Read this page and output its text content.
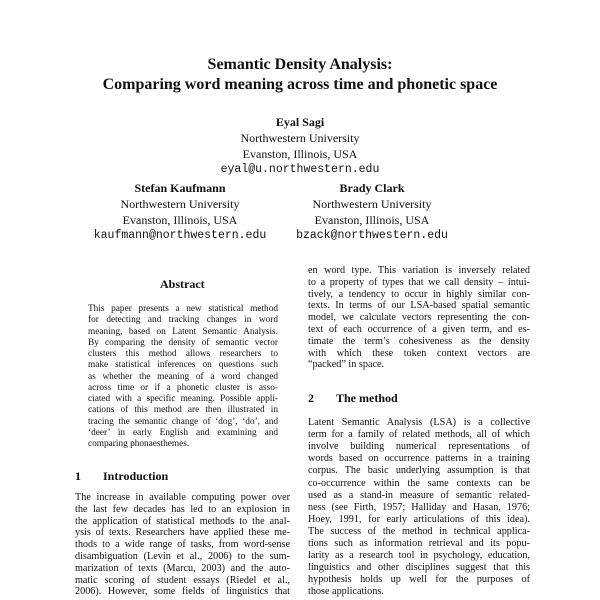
Semantic Density Analysis:
Comparing word meaning across time and phonetic space
Eyal Sagi
Northwestern University
Evanston, Illinois, USA
eyal@u.northwestern.edu
Stefan Kaufmann
Northwestern University
Evanston, Illinois, USA
kaufmann@northwestern.edu
Brady Clark
Northwestern University
Evanston, Illinois, USA
bzack@northwestern.edu
Abstract
This paper presents a new statistical method
for detecting and tracking changes in word
meaning, based on Latent Semantic Analysis.
By comparing the density of semantic vector
clusters this method allows researchers to
make statistical inferences on questions such
as whether the meaning of a word changed
across time or if a phonetic cluster is asso-
ciated with a specific meaning. Possible appli-
cations of this method are then illustrated in
tracing the semantic change of ‘dog’, ‘do’, and
‘deer’ in early English and examining and
comparing phonaesthemes.
1 Introduction
The increase in available computing power over
the last few decades has led to an explosion in
the application of statistical methods to the anal-
ysis of texts. Researchers have applied these me-
thods to a wide range of tasks, from word-sense
disambiguation (Levin et al., 2006) to the sum-
marization of texts (Marcu, 2003) and the auto-
matic scoring of student essays (Riedel et al.,
2006). However, some fields of linguistics that
en word type. This variation is inversely related
to a property of types that we call density – intui-
tively, a tendency to occur in highly similar con-
texts. In terms of our LSA-based spatial semantic
model, we calculate vectors representing the con-
text of each occurrence of a given term, and es-
timate the term’s cohesiveness as the density
with which these token context vectors are
“packed” in space.
2 The method
Latent Semantic Analysis (LSA) is a collective
term for a family of related methods, all of which
involve building numerical representations of
words based on occurrence patterns in a training
corpus. The basic underlying assumption is that
co-occurrence within the same contexts can be
used as a stand-in measure of semantic related-
ness (see Firth, 1957; Halliday and Hasan, 1976;
Hoey, 1991, for early articulations of this idea).
The success of the method in technical applica-
tions such as information retrieval and its popu-
larity as a research tool in psychology, education,
linguistics and other disciplines suggest that this
hypothesis holds up well for the purposes of
those applications.
